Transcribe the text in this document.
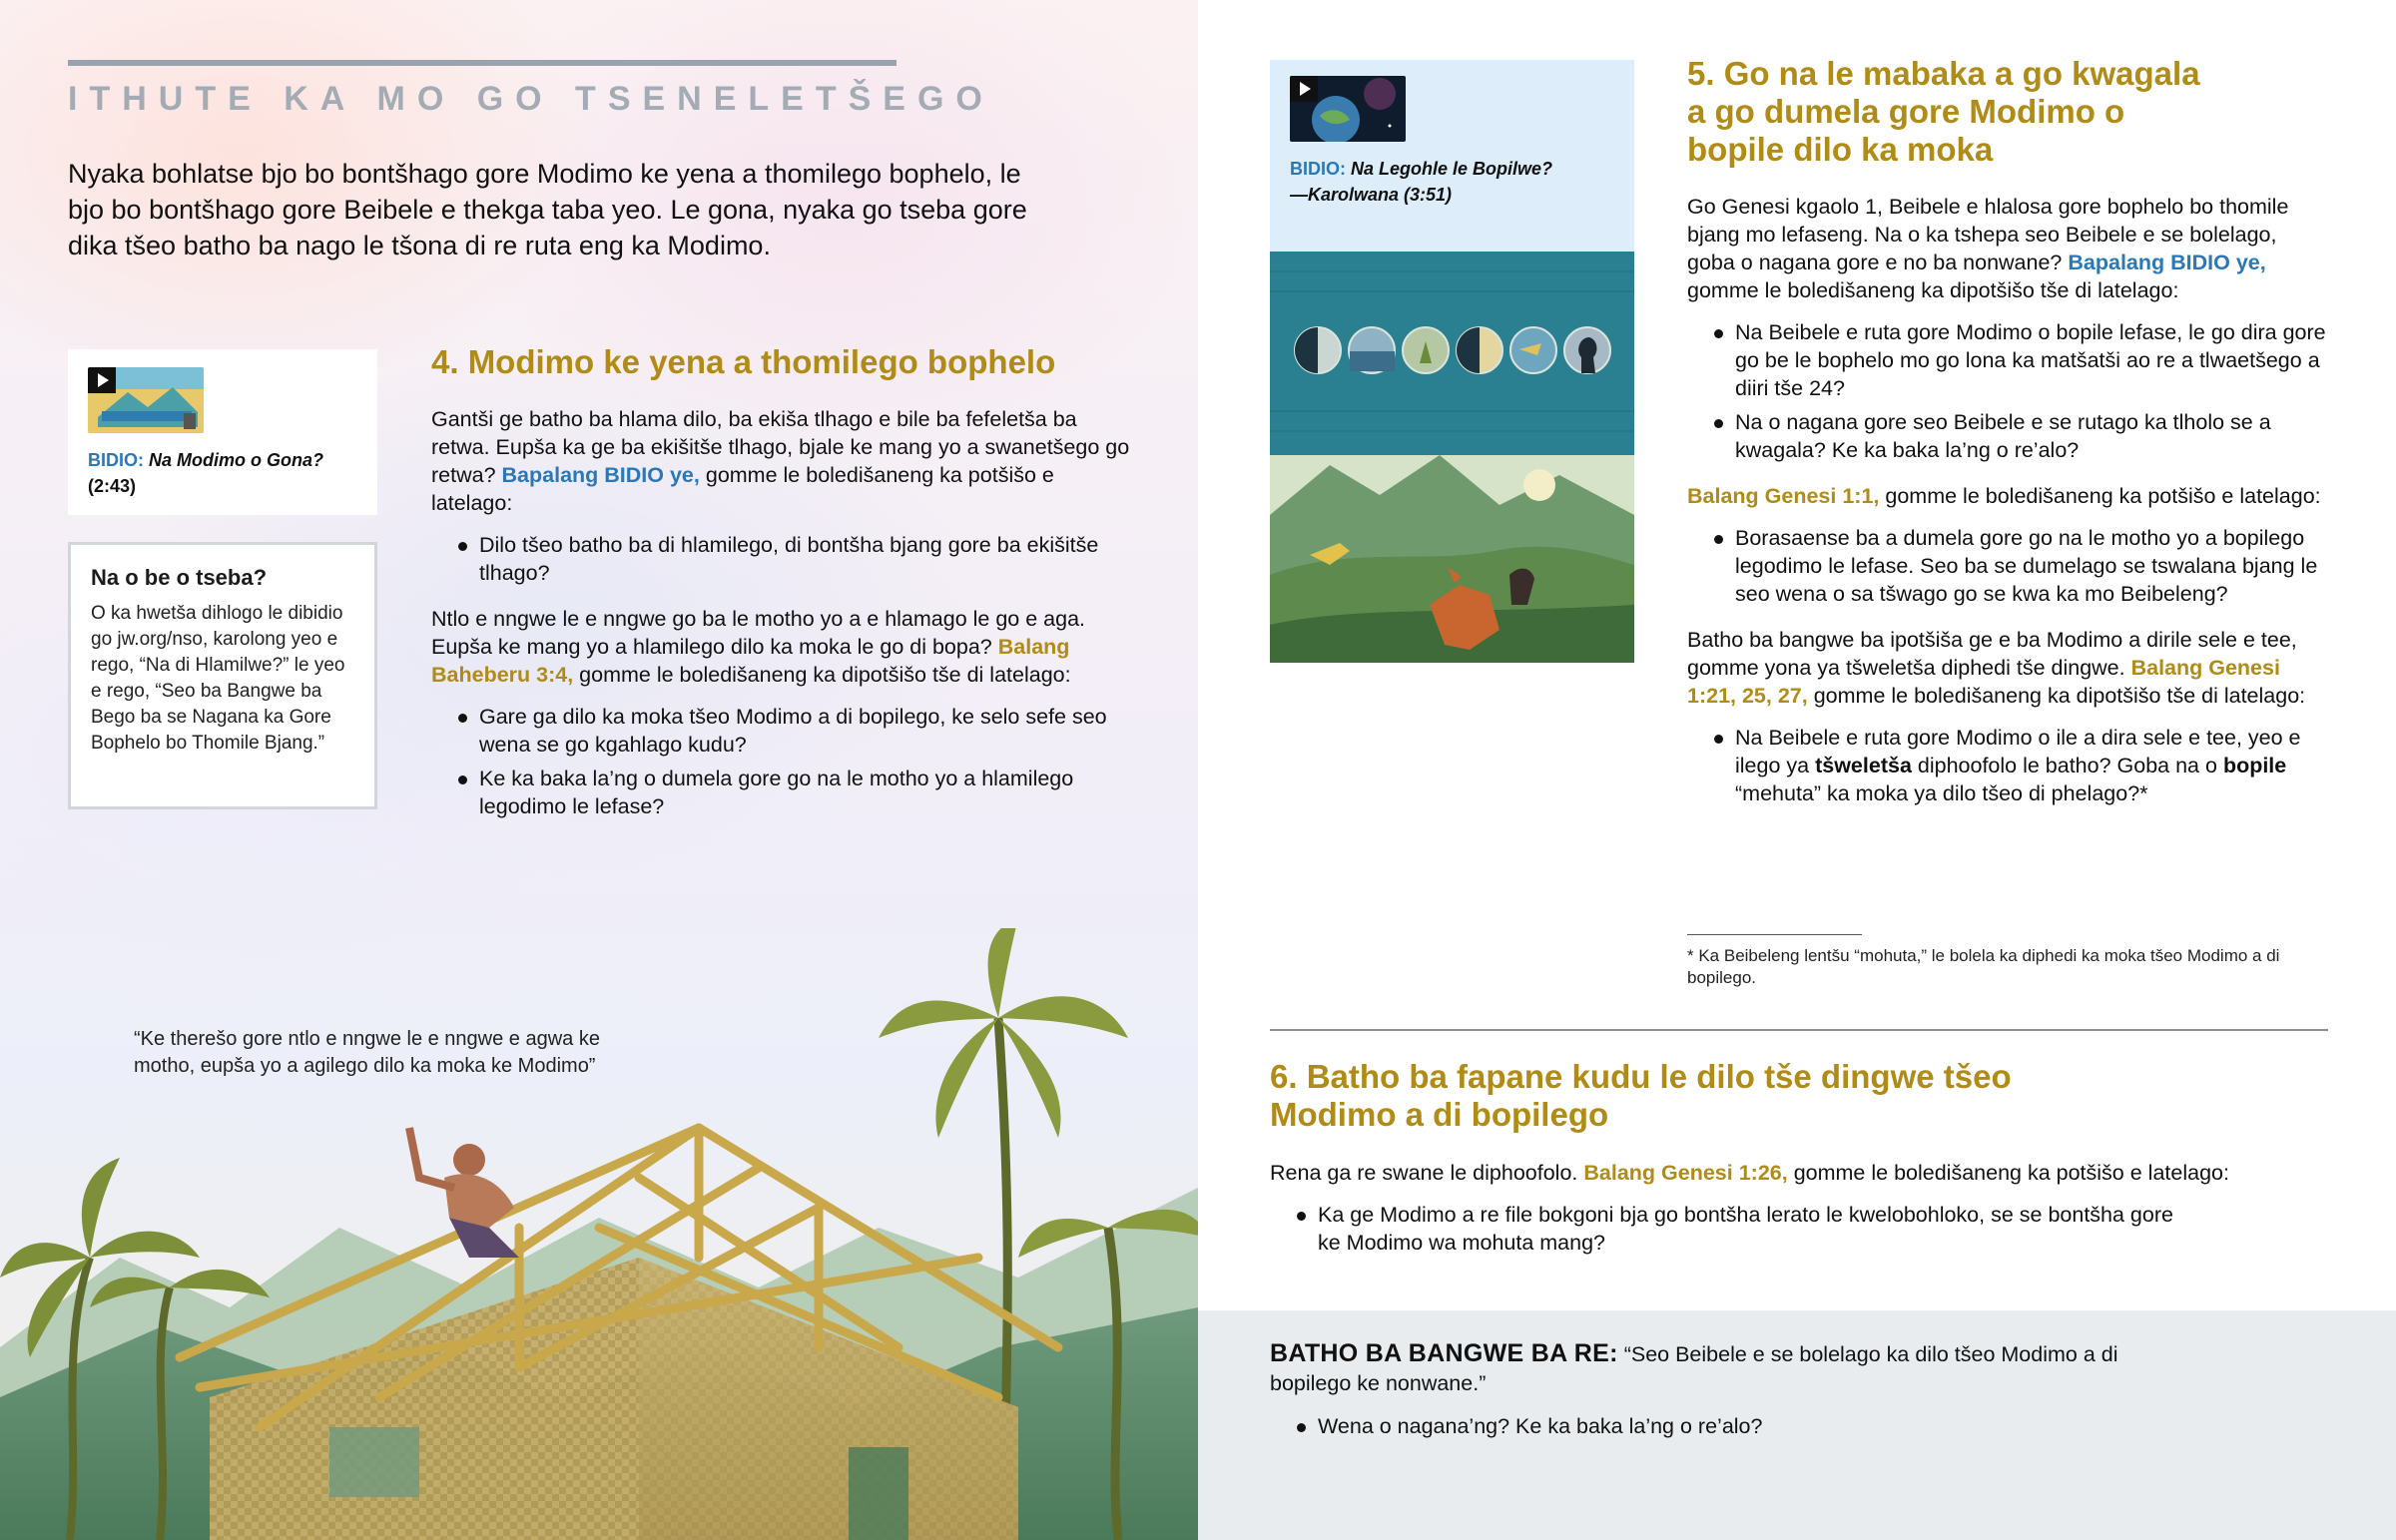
ITHUTE KA MO GO TSENELETŠEGO

Nyaka bohlatse bjo bo bontšhago gore Modimo ke yena a thomilego bophelo, le bjo bo bontšhago gore Beibele e thekga taba yeo. Le gona, nyaka go tseba gore dika tšeo batho ba nago le tšona di re ruta eng ka Modimo.

BIDIO: Na Modimo o Gona?
(2:43)
Na o be o tseba?
O ka hwetša dihlogo le dibidio go jw.org/nso, karolong yeo e rego, “Na di Hlamilwe?” le yeo e rego, “Seo ba Bangwe ba Bego ba se Nagana ka Gore Bophelo bo Thomile Bjang.”
4. Modimo ke yena a thomilego bophelo

Gantši ge batho ba hlama dilo, ba ekiša tlhago e bile ba fefeletša ba retwa. Eupša ka ge ba ekišitše tlhago, bjale ke mang yo a swanetšego go retwa? Bapalang BIDIO ye, gomme le boledišaneng ka potšišo e latelago:

Dilo tšeo batho ba di hlamilego, di bontšha bjang gore ba ekišitše tlhago?

Ntlo e nngwe le e nngwe go ba le motho yo a e hlamago le go e aga. Eupša ke mang yo a hlamilego dilo ka moka le go di bopa? Balang Baheberu 3:4, gomme le boledišaneng ka dipotšišo tše di latelago:

Gare ga dilo ka moka tšeo Modimo a di bopilego, ke selo sefe seo wena se go kgahlago kudu?
Ke ka baka la’ng o dumela gore go na le motho yo a hlamilego legodimo le lefase?
“Ke therešo gore ntlo e nngwe le e nngwe e agwa ke motho, eupša yo a agilego dilo ka moka ke Modimo”
BIDIO: Na Legohle le Bopilwe?
—Karolwana (3:51)
5. Go na le mabaka a go kwagala a go dumela gore Modimo o bopile dilo ka moka

Go Genesi kgaolo 1, Beibele e hlalosa gore bophelo bo thomile bjang mo lefaseng. Na o ka tshepa seo Beibele e se bolelago, goba o nagana gore e no ba nonwane? Bapalang BIDIO ye, gomme le boledišaneng ka dipotšišo tše di latelago:

Na Beibele e ruta gore Modimo o bopile lefase, le go dira gore go be le bophelo mo go lona ka matšatši ao re a tlwaetšego a diiri tše 24?
Na o nagana gore seo Beibele e se rutago ka tlholo se a kwagala? Ke ka baka la’ng o re’alo?

Balang Genesi 1:1, gomme le boledišaneng ka potšišo e latelago:

Borasaense ba a dumela gore go na le motho yo a bopilego legodimo le lefase. Seo ba se dumelago se tswalana bjang le seo wena o sa tšwago go se kwa ka mo Beibeleng?

Batho ba bangwe ba ipotšiša ge e ba Modimo a dirile sele e tee, gomme yona ya tšweletša diphedi tše dingwe. Balang Genesi 1:21, 25, 27, gomme le boledišaneng ka dipotšišo tše di latelago:

Na Beibele e ruta gore Modimo o ile a dira sele e tee, yeo e ilego ya tšweletša diphoofolo le batho? Goba na o bopile “mehuta” ka moka ya dilo tšeo di phelago?*
* Ka Beibeleng lentšu “mohuta,” le bolela ka diphedi ka moka tšeo Modimo a di bopilego.
6. Batho ba fapane kudu le dilo tše dingwe tšeo Modimo a di bopilego

Rena ga re swane le diphoofolo. Balang Genesi 1:26, gomme le boledišaneng ka potšišo e latelago:

Ka ge Modimo a re file bokgoni bja go bontšha lerato le kwelobohloko, se se bontšha gore ke Modimo wa mohuta mang?

BATHO BA BANGWE BA RE: “Seo Beibele e se bolelago ka dilo tšeo Modimo a di bopilego ke nonwane.”

Wena o nagana’ng? Ke ka baka la’ng o re’alo?
